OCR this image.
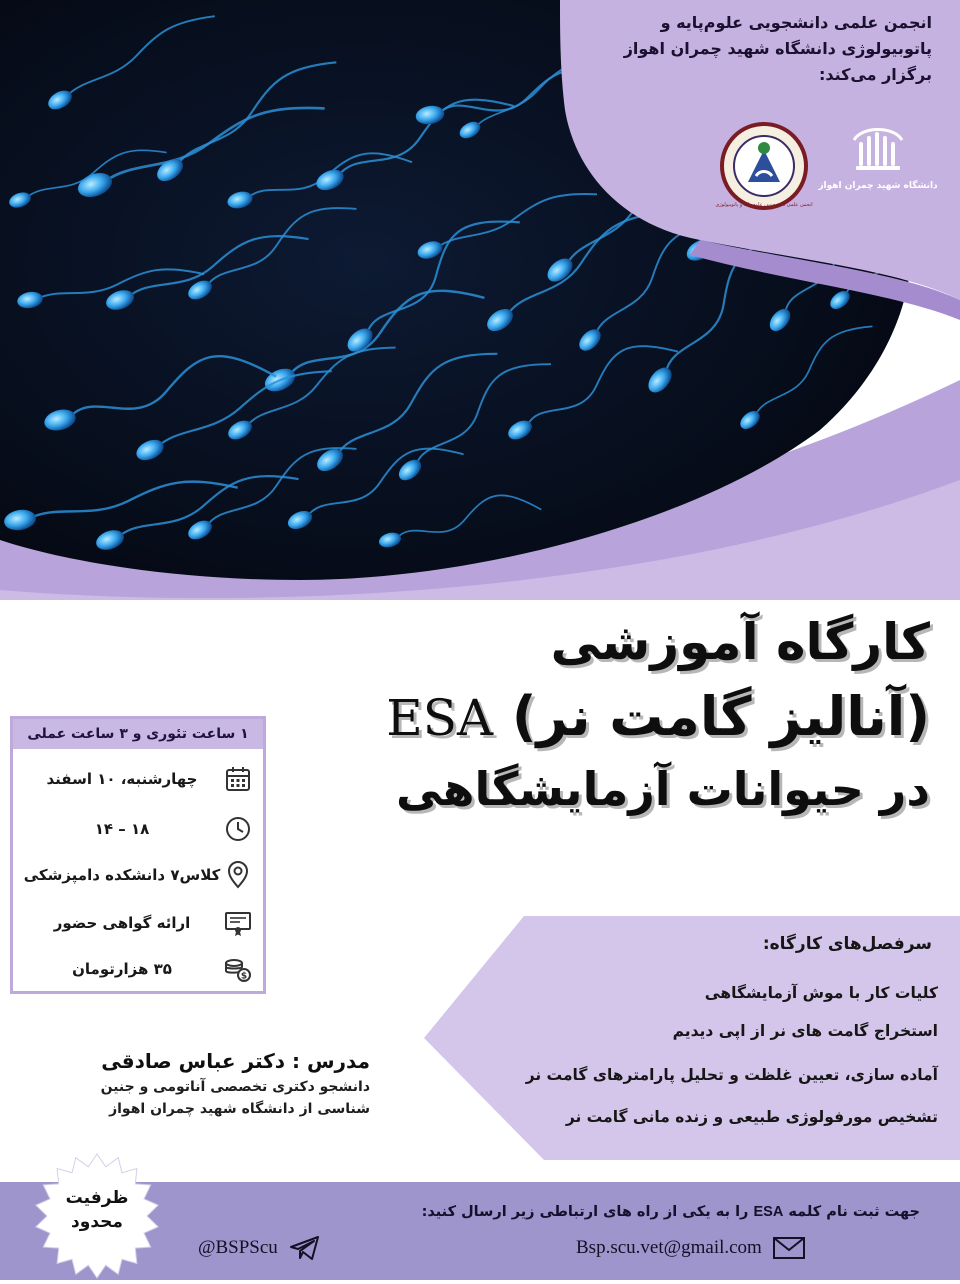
انجمن علمی دانشجویی علوم‌پایه و
پاتوبیولوژی دانشگاه شهید چمران اهواز
برگزار می‌کند:
دانشگاه شهید چمران اهواز
انجمن علمی دانشجویی علوم پایه و پاتوبیولوژی
کارگاه آموزشی
(آنالیز گامت نر) ESA
در حیوانات آزمایشگاهی
۱ ساعت تئوری و ۳ ساعت عملی
چهارشنبه، ۱۰ اسفند
۱۸ – ۱۴
کلاس۷ دانشکده دامپزشکی
ارائه گواهی حضور
$
۳۵ هزارتومان
سرفصل‌های کارگاه:
کلیات کار با موش آزمایشگاهی
استخراج گامت های نر از اپی دیدیم
آماده سازی، تعیین غلظت و تحلیل پارامترهای گامت نر
تشخیص مورفولوژی طبیعی و زنده مانی گامت نر
مدرس : دکتر عباس صادقی
دانشجو دکتری تخصصی آناتومی و جنین
شناسی از دانشگاه شهید چمران اهواز
جهت ثبت نام کلمه ESA را به یکی از راه های ارتباطی زیر ارسال کنید:
Bsp.scu.vet@gmail.com
@BSPScu
ظرفیت
محدود
